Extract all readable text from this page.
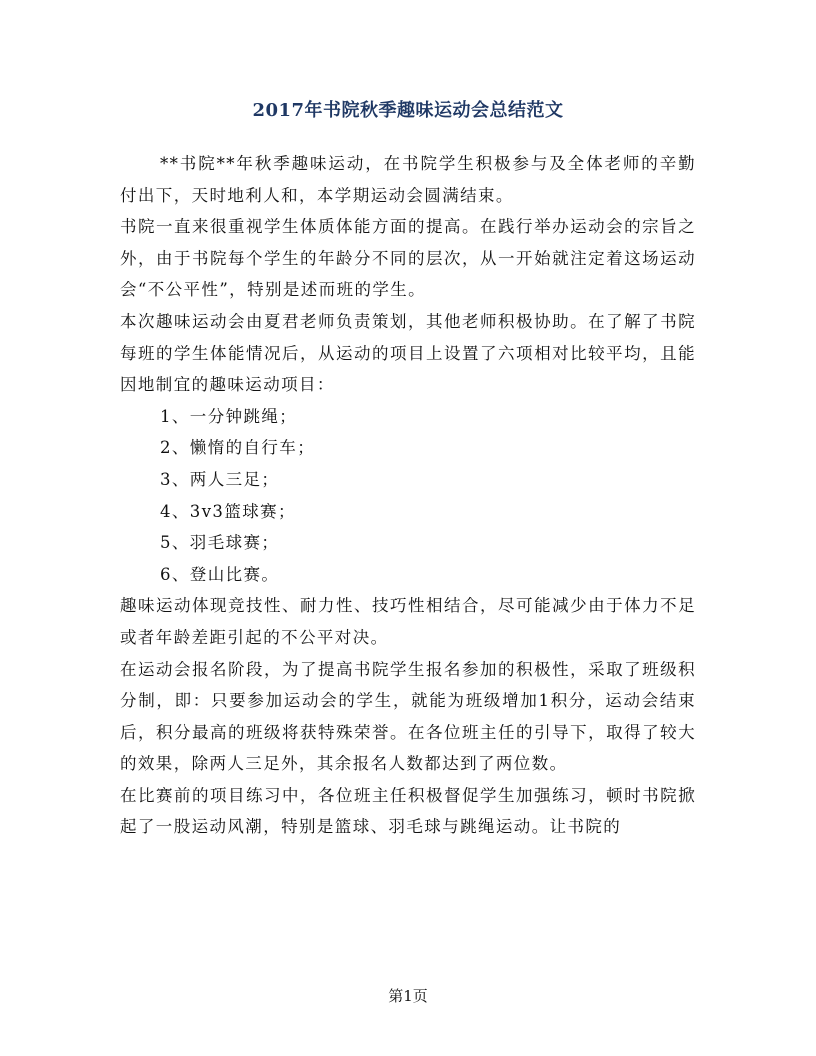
2017年书院秋季趣味运动会总结范文

**书院**年秋季趣味运动，在书院学生积极参与及全体老师的辛勤付出下，天时地利人和，本学期运动会圆满结束。

书院一直来很重视学生体质体能方面的提高。在践行举办运动会的宗旨之外，由于书院每个学生的年龄分不同的层次，从一开始就注定着这场运动会“不公平性”，特别是述而班的学生。

本次趣味运动会由夏君老师负责策划，其他老师积极协助。在了解了书院每班的学生体能情况后，从运动的项目上设置了六项相对比较平均，且能因地制宜的趣味运动项目：

1、一分钟跳绳；

2、懒惰的自行车；

3、两人三足；

4、3v3篮球赛；

5、羽毛球赛；

6、登山比赛。

趣味运动体现竞技性、耐力性、技巧性相结合，尽可能减少由于体力不足或者年龄差距引起的不公平对决。

在运动会报名阶段，为了提高书院学生报名参加的积极性，采取了班级积分制，即：只要参加运动会的学生，就能为班级增加1积分，运动会结束后，积分最高的班级将获特殊荣誉。在各位班主任的引导下，取得了较大的效果，除两人三足外，其余报名人数都达到了两位数。

在比赛前的项目练习中，各位班主任积极督促学生加强练习，顿时书院掀起了一股运动风潮，特别是篮球、羽毛球与跳绳运动。让书院的

第1页
